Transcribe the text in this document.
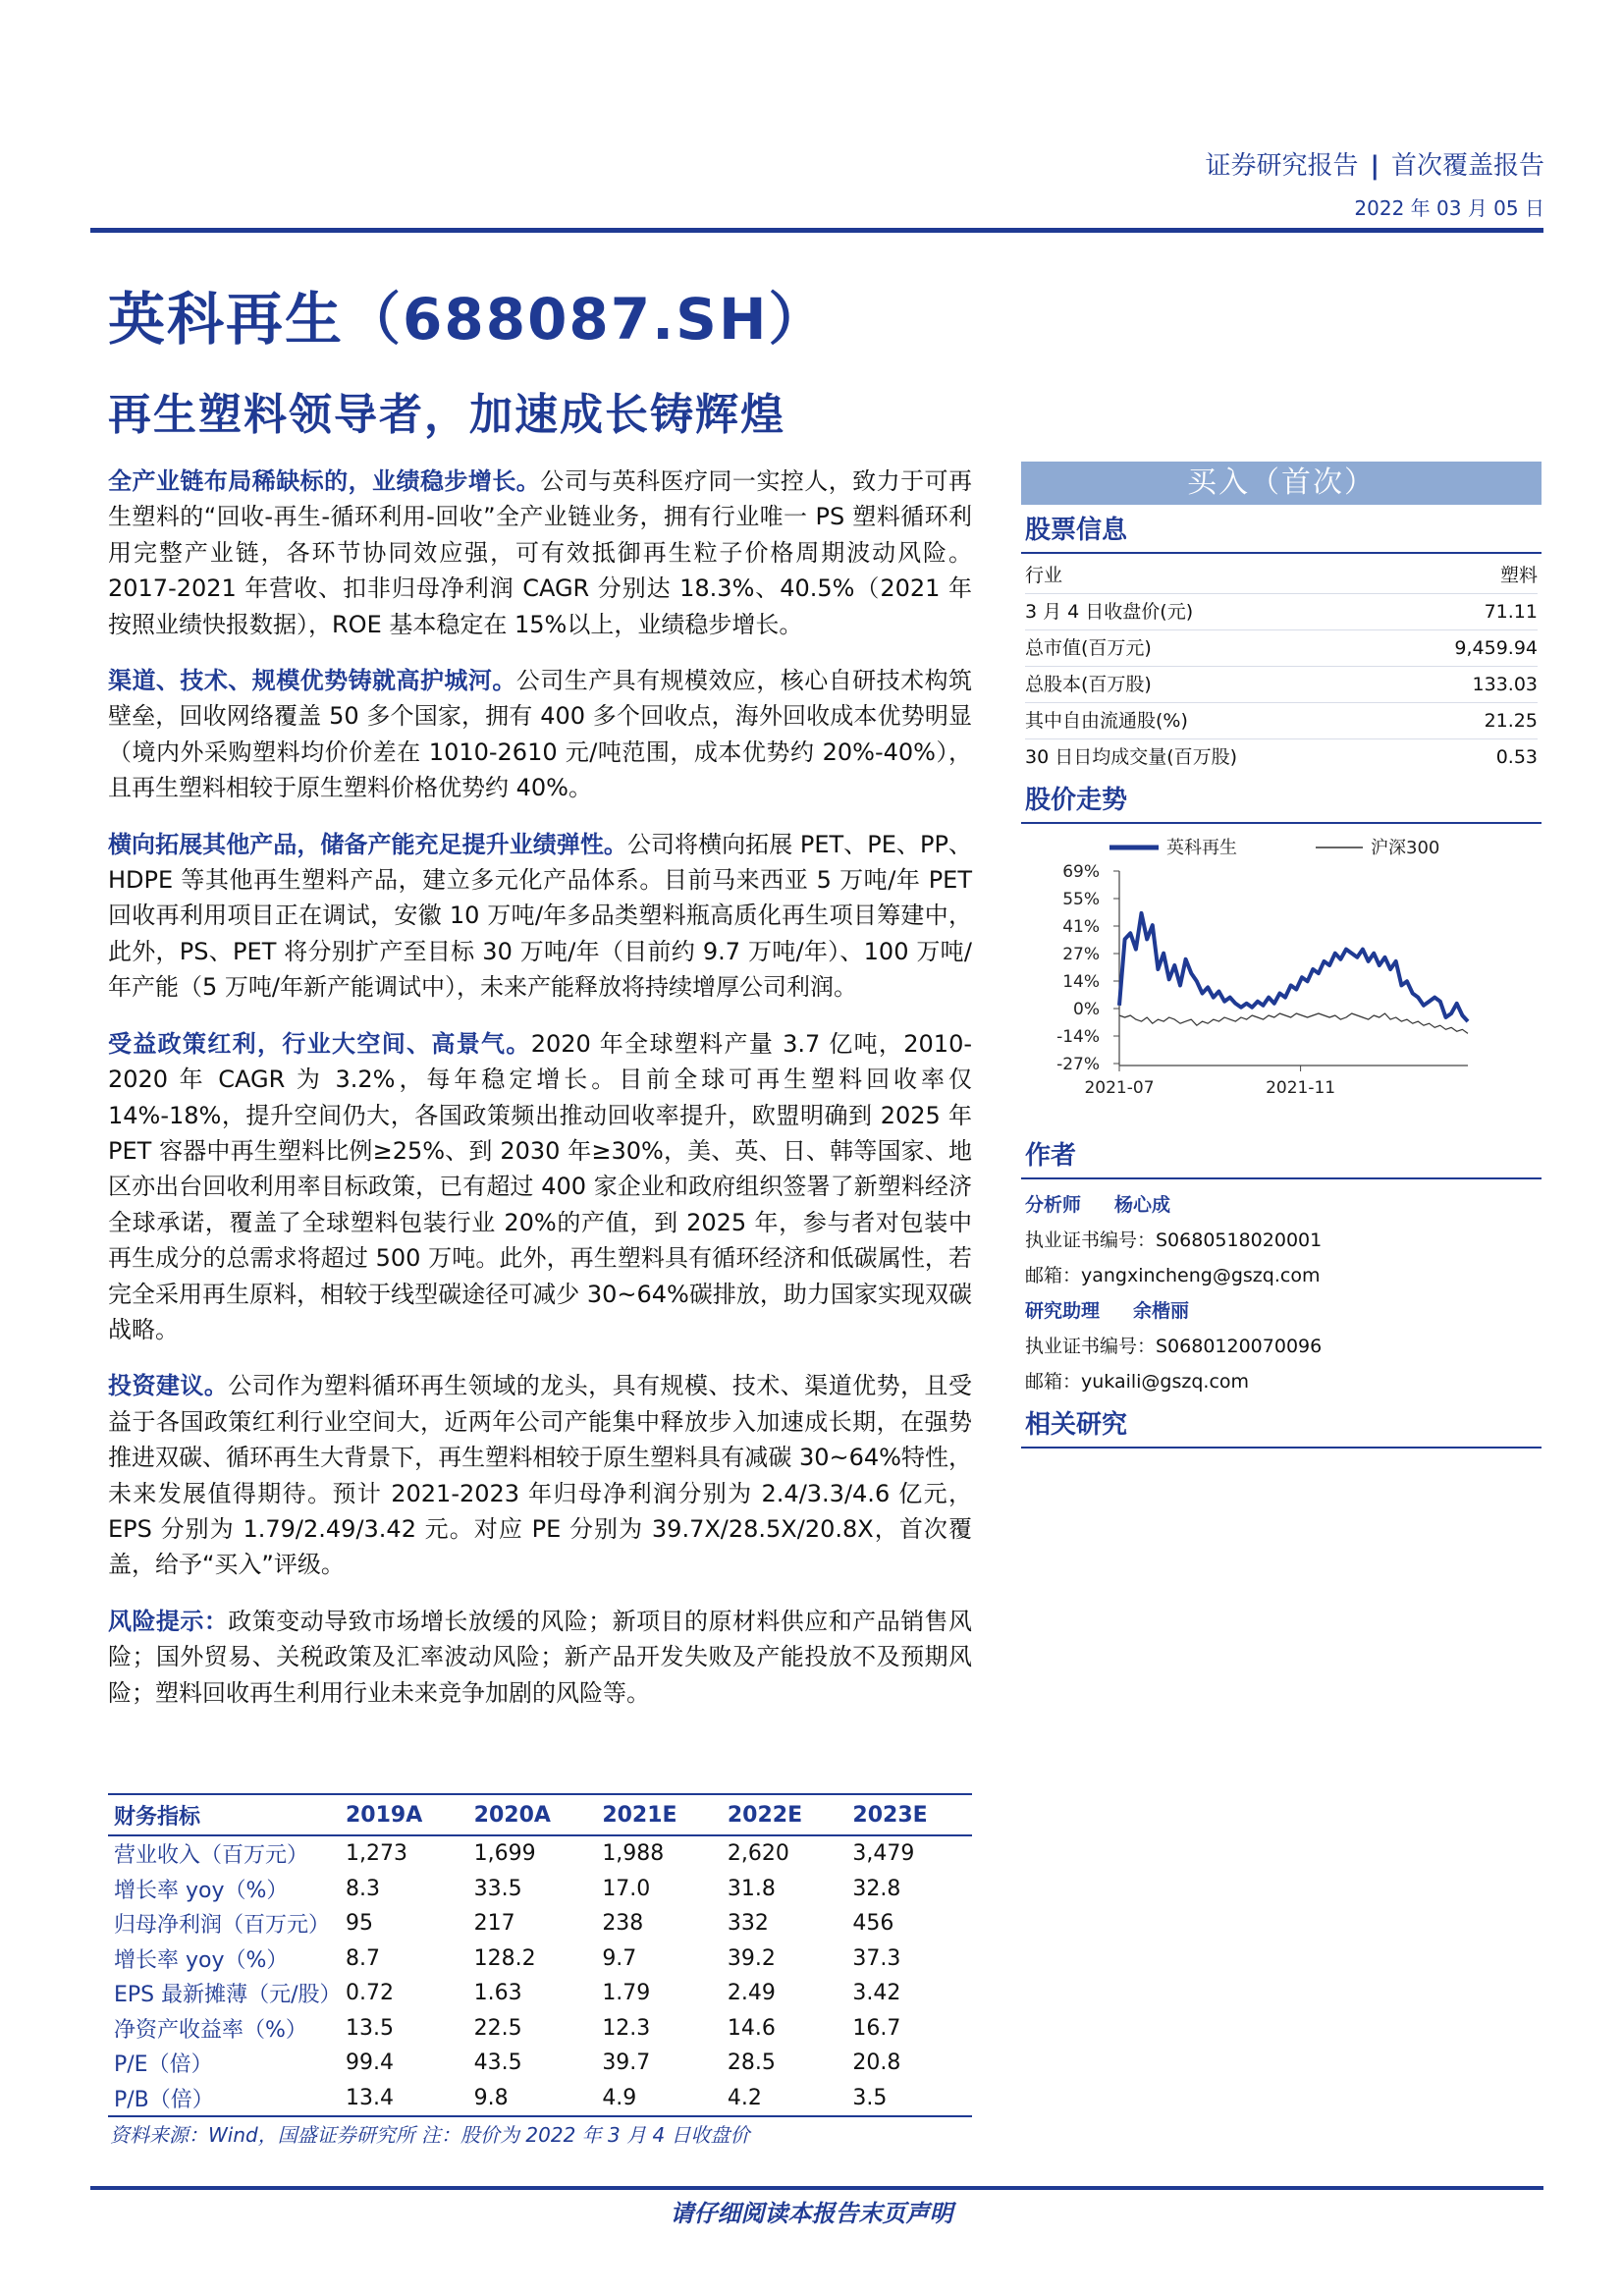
证券研究报告 | 首次覆盖报告
2022 年 03 月 05 日
英科再生（688087.SH）
再生塑料领导者，加速成长铸辉煌

全产业链布局稀缺标的，业绩稳步增长。公司与英科医疗同一实控人，致力于可再生塑料的“回收-再生-循环利用-回收”全产业链业务，拥有行业唯一 PS 塑料循环利用完整产业链，各环节协同效应强，可有效抵御再生粒子价格周期波动风险。2017-2021 年营收、扣非归母净利润 CAGR 分别达 18.3%、40.5%（2021 年按照业绩快报数据），ROE 基本稳定在 15%以上，业绩稳步增长。

渠道、技术、规模优势铸就高护城河。公司生产具有规模效应，核心自研技术构筑壁垒，回收网络覆盖 50 多个国家，拥有 400 多个回收点，海外回收成本优势明显（境内外采购塑料均价价差在 1010-2610 元/吨范围，成本优势约 20%-40%），且再生塑料相较于原生塑料价格优势约 40%。

横向拓展其他产品，储备产能充足提升业绩弹性。公司将横向拓展 PET、PE、PP、HDPE 等其他再生塑料产品，建立多元化产品体系。目前马来西亚 5 万吨/年 PET 回收再利用项目正在调试，安徽 10 万吨/年多品类塑料瓶高质化再生项目筹建中，此外，PS、PET 将分别扩产至目标 30 万吨/年（目前约 9.7 万吨/年）、100 万吨/年产能（5 万吨/年新产能调试中），未来产能释放将持续增厚公司利润。

受益政策红利，行业大空间、高景气。2020 年全球塑料产量 3.7 亿吨，2010-2020 年 CAGR 为 3.2%，每年稳定增长。目前全球可再生塑料回收率仅 14%-18%，提升空间仍大，各国政策频出推动回收率提升，欧盟明确到 2025 年 PET 容器中再生塑料比例≥25%、到 2030 年≥30%，美、英、日、韩等国家、地区亦出台回收利用率目标政策，已有超过 400 家企业和政府组织签署了新塑料经济全球承诺，覆盖了全球塑料包装行业 20%的产值，到 2025 年，参与者对包装中再生成分的总需求将超过 500 万吨。此外，再生塑料具有循环经济和低碳属性，若完全采用再生原料，相较于线型碳途径可减少 30~64%碳排放，助力国家实现双碳战略。

投资建议。公司作为塑料循环再生领域的龙头，具有规模、技术、渠道优势，且受益于各国政策红利行业空间大，近两年公司产能集中释放步入加速成长期，在强势推进双碳、循环再生大背景下，再生塑料相较于原生塑料具有减碳 30~64%特性，未来发展值得期待。预计 2021-2023 年归母净利润分别为 2.4/3.3/4.6 亿元，EPS 分别为 1.79/2.49/3.42 元。对应 PE 分别为 39.7X/28.5X/20.8X，首次覆盖，给予“买入”评级。

风险提示：政策变动导致市场增长放缓的风险；新项目的原材料供应和产品销售风险；国外贸易、关税政策及汇率波动风险；新产品开发失败及产能投放不及预期风险；塑料回收再生利用行业未来竞争加剧的风险等。

财务指标	2019A	2020A	2021E	2022E	2023E
营业收入（百万元）	1,273	1,699	1,988	2,620	3,479
增长率 yoy（%）	8.3	33.5	17.0	31.8	32.8
归母净利润（百万元）	95	217	238	332	456
增长率 yoy（%）	8.7	128.2	9.7	39.2	37.3
EPS 最新摊薄（元/股）	0.72	1.63	1.79	2.49	3.42
净资产收益率（%）	13.5	22.5	12.3	14.6	16.7
P/E（倍）	99.4	43.5	39.7	28.5	20.8
P/B（倍）	13.4	9.8	4.9	4.2	3.5
资料来源：Wind，国盛证券研究所 注：股价为 2022 年 3 月 4 日收盘价
买入（首次）
股票信息
行业	塑料
3 月 4 日收盘价(元)	71.11
总市值(百万元)	9,459.94
总股本(百万股)	133.03
其中自由流通股(%)	21.25
30 日日均成交量(百万股)	0.53
股价走势
英科再生	沪深300
69%
55%
41%
27%
14%
0%
-14%
-27%
2021-07	2021-11
作者
分析师 杨心成
执业证书编号：S0680518020001
邮箱：yangxincheng@gszq.com
研究助理 余楷丽
执业证书编号：S0680120070096
邮箱：yukaili@gszq.com
相关研究
请仔细阅读本报告末页声明
